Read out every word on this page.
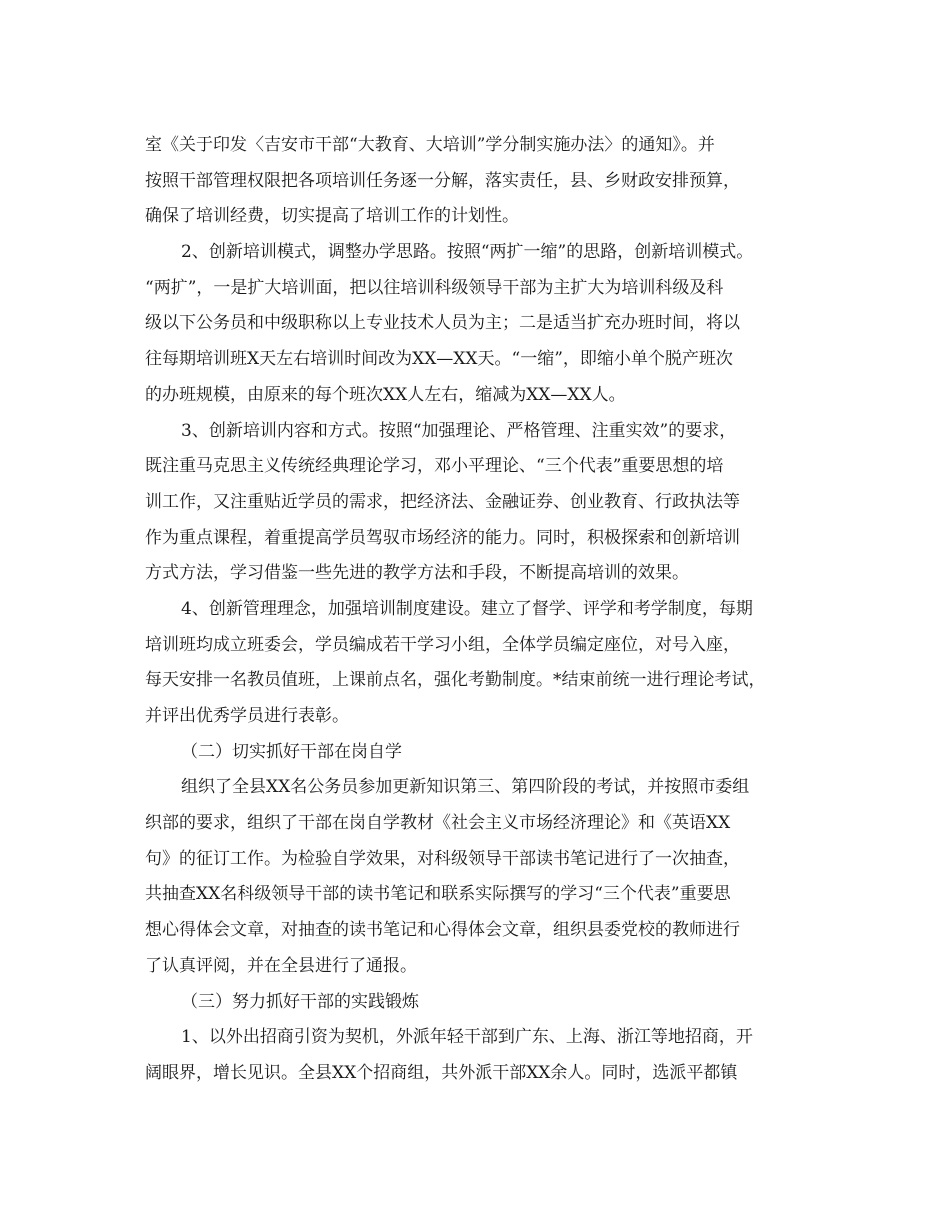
室《关于印发〈吉安市干部“大教育、大培训”学分制实施办法〉的通知》。并
按照干部管理权限把各项培训任务逐一分解，落实责任，县、乡财政安排预算，
确保了培训经费，切实提高了培训工作的计划性。
2、创新培训模式，调整办学思路。按照“两扩一缩”的思路，创新培训模式。
“两扩”，一是扩大培训面，把以往培训科级领导干部为主扩大为培训科级及科
级以下公务员和中级职称以上专业技术人员为主；二是适当扩充办班时间，将以
往每期培训班X天左右培训时间改为XX—XX天。“一缩”，即缩小单个脱产班次
的办班规模，由原来的每个班次XX人左右，缩减为XX—XX人。
3、创新培训内容和方式。按照“加强理论、严格管理、注重实效”的要求，
既注重马克思主义传统经典理论学习，邓小平理论、“三个代表”重要思想的培
训工作，又注重贴近学员的需求，把经济法、金融证券、创业教育、行政执法等
作为重点课程，着重提高学员驾驭市场经济的能力。同时，积极探索和创新培训
方式方法，学习借鉴一些先进的教学方法和手段，不断提高培训的效果。
4、创新管理理念，加强培训制度建设。建立了督学、评学和考学制度，每期
培训班均成立班委会，学员编成若干学习小组，全体学员编定座位，对号入座，
每天安排一名教员值班，上课前点名，强化考勤制度。*结束前统一进行理论考试，
并评出优秀学员进行表彰。
（二）切实抓好干部在岗自学
组织了全县XX名公务员参加更新知识第三、第四阶段的考试，并按照市委组
织部的要求，组织了干部在岗自学教材《社会主义市场经济理论》和《英语XX
句》的征订工作。为检验自学效果，对科级领导干部读书笔记进行了一次抽查，
共抽查XX名科级领导干部的读书笔记和联系实际撰写的学习“三个代表”重要思
想心得体会文章，对抽查的读书笔记和心得体会文章，组织县委党校的教师进行
了认真评阅，并在全县进行了通报。
（三）努力抓好干部的实践锻炼
1、以外出招商引资为契机，外派年轻干部到广东、上海、浙江等地招商，开
阔眼界，增长见识。全县XX个招商组，共外派干部XX余人。同时，选派平都镇
